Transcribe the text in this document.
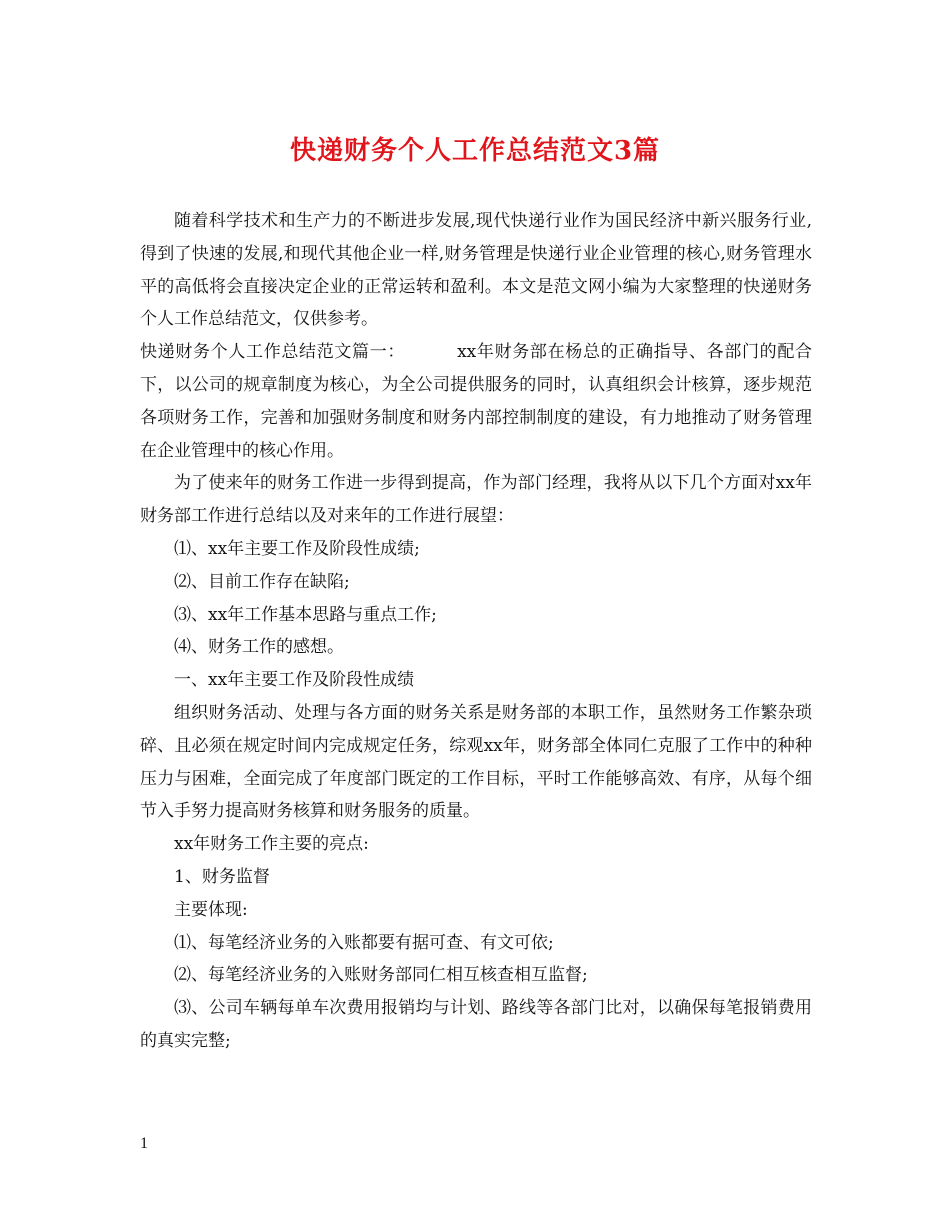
快递财务个人工作总结范文3篇

随着科学技术和生产力的不断进步发展,现代快递行业作为国民经济中新兴服务行业,得到了快速的发展,和现代其他企业一样,财务管理是快递行业企业管理的核心,财务管理水平的高低将会直接决定企业的正常运转和盈利。本文是范文网小编为大家整理的快递财务个人工作总结范文，仅供参考。

快递财务个人工作总结范文篇一：	xx年财务部在杨总的正确指导、各部门的配合下，以公司的规章制度为核心，为全公司提供服务的同时，认真组织会计核算，逐步规范各项财务工作，完善和加强财务制度和财务内部控制制度的建设，有力地推动了财务管理在企业管理中的核心作用。

为了使来年的财务工作进一步得到提高，作为部门经理，我将从以下几个方面对xx年财务部工作进行总结以及对来年的工作进行展望：

⑴、xx年主要工作及阶段性成绩;

⑵、目前工作存在缺陷;

⑶、xx年工作基本思路与重点工作;

⑷、财务工作的感想。

一、xx年主要工作及阶段性成绩

组织财务活动、处理与各方面的财务关系是财务部的本职工作，虽然财务工作繁杂琐碎、且必须在规定时间内完成规定任务，综观xx年，财务部全体同仁克服了工作中的种种压力与困难，全面完成了年度部门既定的工作目标，平时工作能够高效、有序，从每个细节入手努力提高财务核算和财务服务的质量。

xx年财务工作主要的亮点:

1、财务监督

主要体现:

⑴、每笔经济业务的入账都要有据可查、有文可依;

⑵、每笔经济业务的入账财务部同仁相互核查相互监督;

⑶、公司车辆每单车次费用报销均与计划、路线等各部门比对，以确保每笔报销费用的真实完整;

1
